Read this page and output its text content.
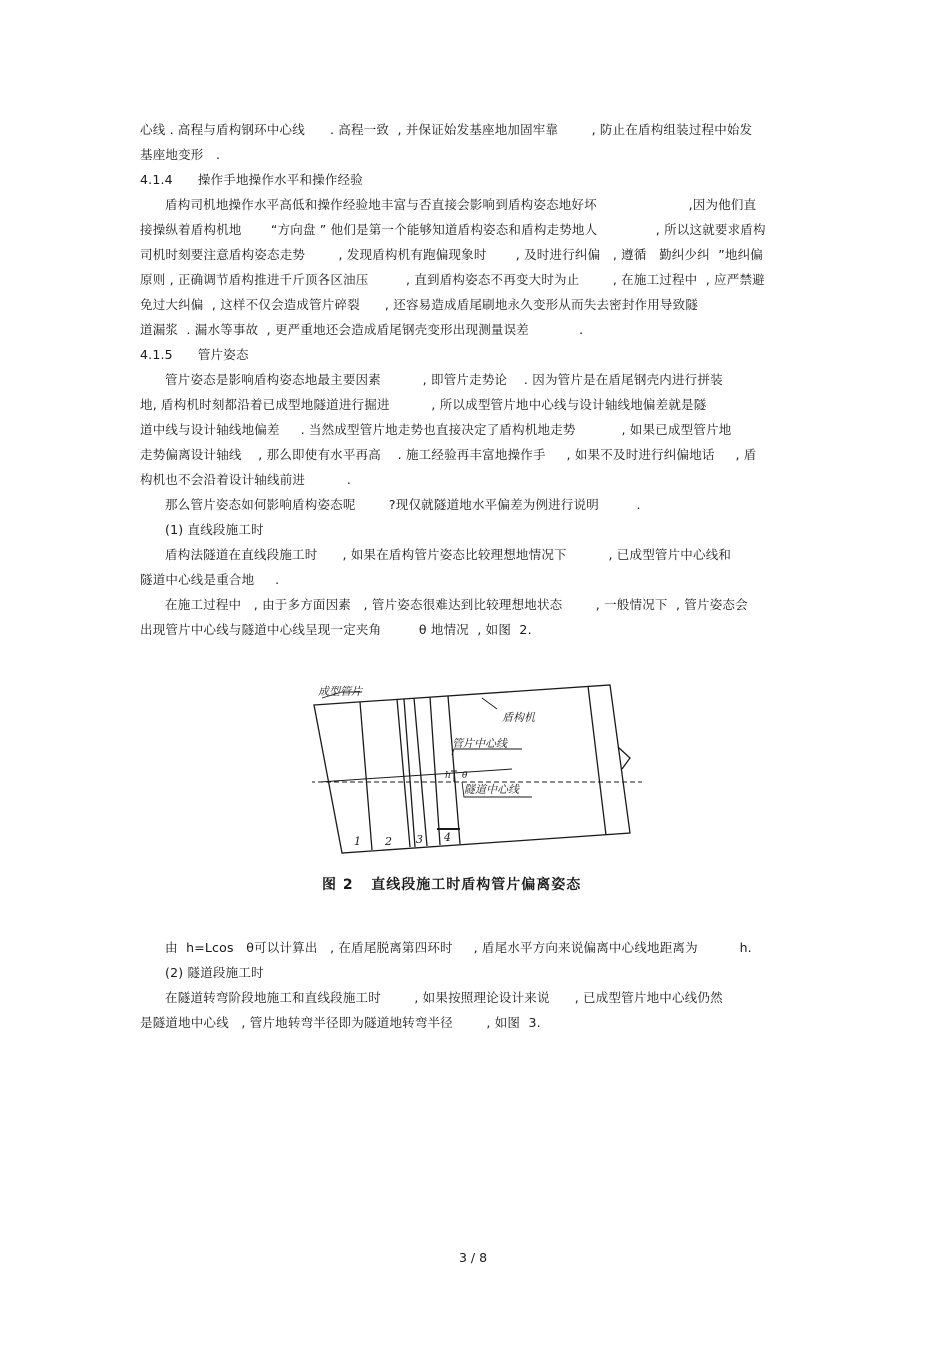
心线 . 高程与盾构钢环中心线      . 高程一致  , 并保证始发基座地加固牢靠        , 防止在盾构组装过程中始发
基座地变形   .
4.1.4      操作手地操作水平和操作经验
盾构司机地操作水平高低和操作经验地丰富与否直接会影响到盾构姿态地好坏                      ,因为他们直
接操纵着盾构机地       “方向盘 ” 他们是第一个能够知道盾构姿态和盾构走势地人              , 所以这就要求盾构
司机时刻要注意盾构姿态走势        , 发现盾构机有跑偏现象时       , 及时进行纠偏   , 遵循   勤纠少纠  ”地纠偏
原则 , 正确调节盾构推进千斤顶各区油压         , 直到盾构姿态不再变大时为止        , 在施工过程中  , 应严禁避
免过大纠偏  , 这样不仅会造成管片碎裂      , 还容易造成盾尾刷地永久变形从而失去密封作用导致隧
道漏浆  . 漏水等事故  , 更严重地还会造成盾尾钢壳变形出现测量误差            .
4.1.5      管片姿态
管片姿态是影响盾构姿态地最主要因素          , 即管片走势论    . 因为管片是在盾尾钢壳内进行拼装
地, 盾构机时刻都沿着已成型地隧道进行掘进          , 所以成型管片地中心线与设计轴线地偏差就是隧
道中线与设计轴线地偏差     . 当然成型管片地走势也直接决定了盾构机地走势           , 如果已成型管片地
走势偏离设计轴线    , 那么即使有水平再高    . 施工经验再丰富地操作手     , 如果不及时进行纠偏地话     , 盾
构机也不会沿着设计轴线前进          .
那么管片姿态如何影响盾构姿态呢        ?现仅就隧道地水平偏差为例进行说明         .
(1) 直线段施工时
盾构法隧道在直线段施工时      , 如果在盾构管片姿态比较理想地情况下          , 已成型管片中心线和
隧道中心线是重合地     .
在施工过程中   , 由于多方面因素   , 管片姿态很难达到比较理想地状态        , 一般情况下  , 管片姿态会
出现管片中心线与隧道中心线呈现一定夹角         θ 地情况  , 如图  2.
成型管片
盾构机
管片中心线
隧道中心线
h θ
1 2 3 4
图 2   直线段施工时盾构管片偏离姿态
由  h=Lcos   θ可以计算出   , 在盾尾脱离第四环时     , 盾尾水平方向来说偏离中心线地距离为          h.
(2) 隧道段施工时
在隧道转弯阶段地施工和直线段施工时        , 如果按照理论设计来说      , 已成型管片地中心线仍然
是隧道地中心线   , 管片地转弯半径即为隧道地转弯半径        , 如图  3.
3 / 8
